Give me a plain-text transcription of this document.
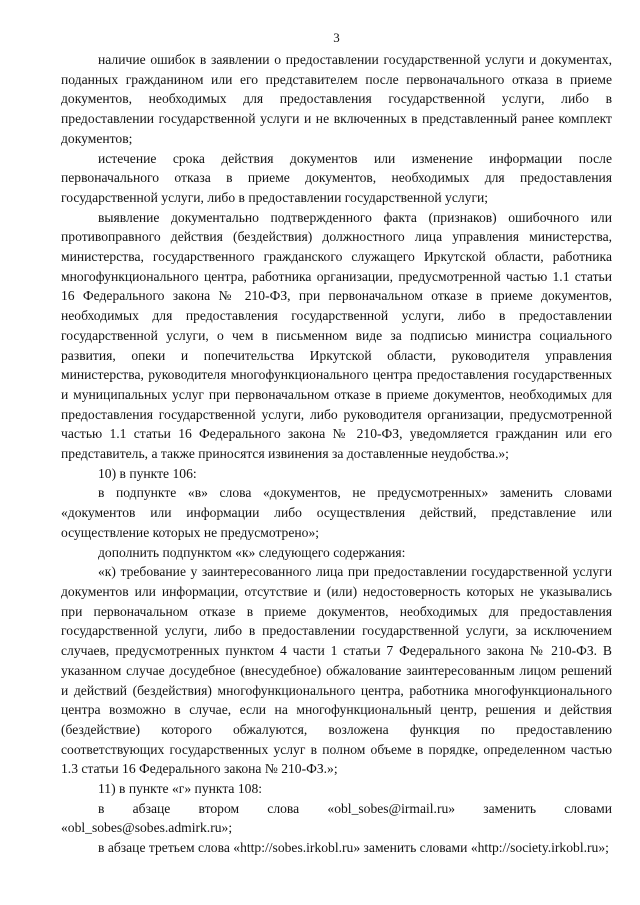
3

наличие ошибок в заявлении о предоставлении государственной услуги и документах, поданных гражданином или его представителем после первоначального отказа в приеме документов, необходимых для предоставления государственной услуги, либо в предоставлении государственной услуги и не включенных в представленный ранее комплект документов;

истечение срока действия документов или изменение информации после первоначального отказа в приеме документов, необходимых для предоставления государственной услуги, либо в предоставлении государственной услуги;

выявление документально подтвержденного факта (признаков) ошибочного или противоправного действия (бездействия) должностного лица управления министерства, министерства, государственного гражданского служащего Иркутской области, работника многофункционального центра, работника организации, предусмотренной частью 1.1 статьи 16 Федерального закона № 210-ФЗ, при первоначальном отказе в приеме документов, необходимых для предоставления государственной услуги, либо в предоставлении государственной услуги, о чем в письменном виде за подписью министра социального развития, опеки и попечительства Иркутской области, руководителя управления министерства, руководителя многофункционального центра предоставления государственных и муниципальных услуг при первоначальном отказе в приеме документов, необходимых для предоставления государственной услуги, либо руководителя организации, предусмотренной частью 1.1 статьи 16 Федерального закона № 210-ФЗ, уведомляется гражданин или его представитель, а также приносятся извинения за доставленные неудобства.»;

10) в пункте 106:

в подпункте «в» слова «документов, не предусмотренных» заменить словами «документов или информации либо осуществления действий, представление или осуществление которых не предусмотрено»;

дополнить подпунктом «к» следующего содержания:

«к) требование у заинтересованного лица при предоставлении государственной услуги документов или информации, отсутствие и (или) недостоверность которых не указывались при первоначальном отказе в приеме документов, необходимых для предоставления государственной услуги, либо в предоставлении государственной услуги, за исключением случаев, предусмотренных пунктом 4 части 1 статьи 7 Федерального закона № 210-ФЗ. В указанном случае досудебное (внесудебное) обжалование заинтересованным лицом решений и действий (бездействия) многофункционального центра, работника многофункционального центра возможно в случае, если на многофункциональный центр, решения и действия (бездействие) которого обжалуются, возложена функция по предоставлению соответствующих государственных услуг в полном объеме в порядке, определенном частью 1.3 статьи 16 Федерального закона № 210-ФЗ.»;

11) в пункте «г» пункта 108:

в абзаце втором слова «obl_sobes@irmail.ru» заменить словами «obl_sobes@sobes.admirk.ru»;

в абзаце третьем слова «http://sobes.irkobl.ru» заменить словами «http://society.irkobl.ru»;
